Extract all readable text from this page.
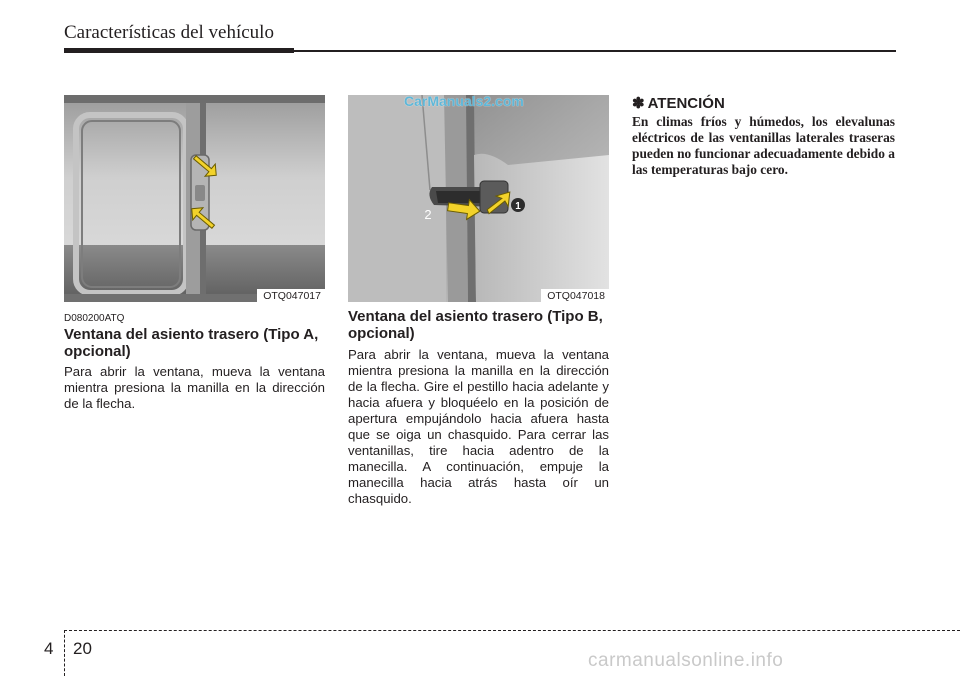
Características del vehículo
OTQ047017
1
2
CarManuals2.com
OTQ047018
D080200ATQ
Ventana del asiento trasero (Tipo A, opcional)
Para abrir la ventana, mueva la ventana mientra presiona la manilla en la dirección de la flecha.
Ventana del asiento trasero (Tipo B, opcional)
Para abrir la ventana, mueva la ventana mientra presiona la manilla en la dirección de la flecha. Gire el pestillo hacia adelante y hacia afuera y bloquéelo en la posición de apertura empujándolo hacia afuera hasta que se oiga un chasquido. Para cerrar las ventanillas, tire hacia adentro de la manecilla. A continuación, empuje la manecilla hacia atrás hasta oír un chasquido.
✽ ATENCIÓN
En climas fríos y húmedos, los elevalunas eléctricos de las ventanillas laterales traseras pueden no funcionar adecuadamente debido a las temperaturas bajo cero.
4 20
carmanualsonline.info
